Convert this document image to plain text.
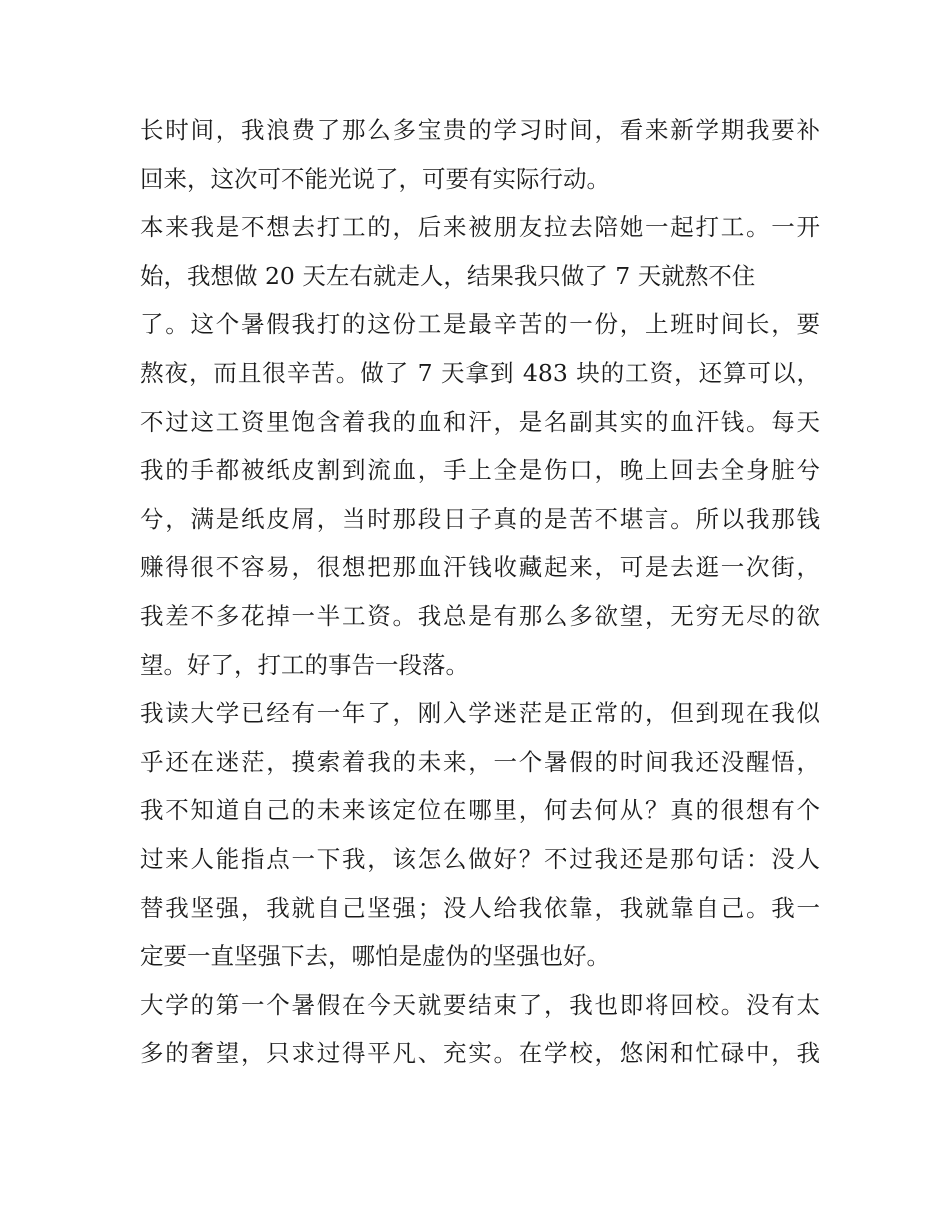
长时间，我浪费了那么多宝贵的学习时间，看来新学期我要补
回来，这次可不能光说了，可要有实际行动。
本来我是不想去打工的，后来被朋友拉去陪她一起打工。一开
始，我想做 20 天左右就走人，结果我只做了 7 天就熬不住
了。这个暑假我打的这份工是最辛苦的一份，上班时间长，要
熬夜，而且很辛苦。做了 7 天拿到 483 块的工资，还算可以，
不过这工资里饱含着我的血和汗，是名副其实的血汗钱。每天
我的手都被纸皮割到流血，手上全是伤口，晚上回去全身脏兮
兮，满是纸皮屑，当时那段日子真的是苦不堪言。所以我那钱
赚得很不容易，很想把那血汗钱收藏起来，可是去逛一次街，
我差不多花掉一半工资。我总是有那么多欲望，无穷无尽的欲
望。好了，打工的事告一段落。
我读大学已经有一年了，刚入学迷茫是正常的，但到现在我似
乎还在迷茫，摸索着我的未来，一个暑假的时间我还没醒悟，
我不知道自己的未来该定位在哪里，何去何从？真的很想有个
过来人能指点一下我，该怎么做好？不过我还是那句话：没人
替我坚强，我就自己坚强；没人给我依靠，我就靠自己。我一
定要一直坚强下去，哪怕是虚伪的坚强也好。
大学的第一个暑假在今天就要结束了，我也即将回校。没有太
多的奢望，只求过得平凡、充实。在学校，悠闲和忙碌中，我
